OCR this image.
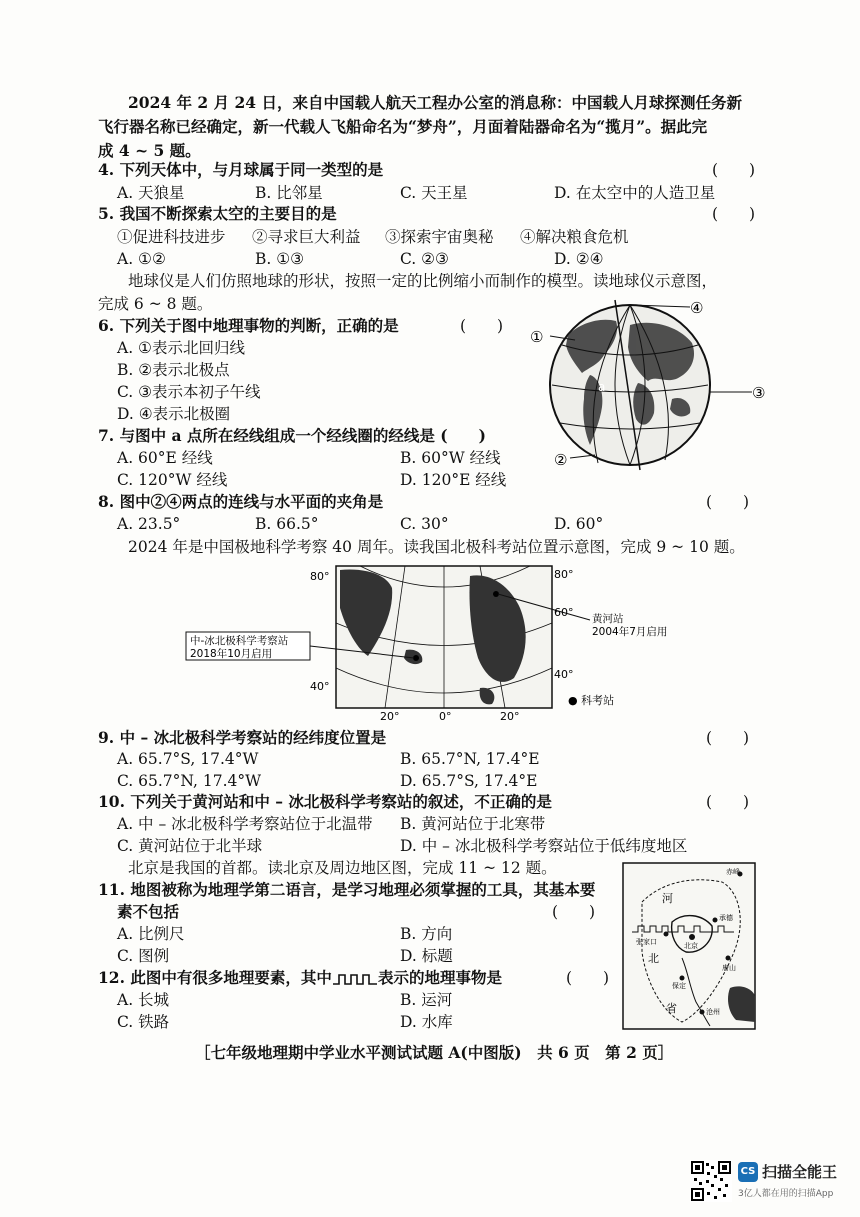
2024 年 2 月 24 日，来自中国载人航天工程办公室的消息称：中国载人月球探测任务新
飞行器名称已经确定，新一代载人飞船命名为“梦舟”，月面着陆器命名为“揽月”。据此完
成 4 ~ 5 题。
4. 下列天体中，与月球属于同一类型的是	(　　)
A. 天狼星	B. 比邻星	C. 天王星	D. 在太空中的人造卫星
5. 我国不断探索太空的主要目的是	(　　)
①促进科技进步 ②寻求巨大利益 ③探索宇宙奥秘 ④解决粮食危机
A. ①②	B. ①③	C. ②③	D. ②④
地球仪是人们仿照地球的形状，按照一定的比例缩小而制作的模型。读地球仪示意图，
完成 6 ~ 8 题。
6. 下列关于图中地理事物的判断，正确的是	(　　)
A. ①表示北回归线
B. ②表示北极点
C. ③表示本初子午线
D. ④表示北极圈
7. 与图中 a 点所在经线组成一个经线圈的经线是 (　　)
A. 60°E 经线	B. 60°W 经线
C. 120°W 经线	D. 120°E 经线
8. 图中②④两点的连线与水平面的夹角是	(　　)
A. 23.5°	B. 66.5°	C. 30°	D. 60°
①
②
③
④
a
2024 年是中国极地科学考察 40 周年。读我国北极科考站位置示意图，完成 9 ~ 10 题。
中-冰北极科学考察站
2018年10月启用
黄河站
2004年7月启用
80°
40°
80°
60°
40°
20°	0°	20°
● 科考站
9. 中 – 冰北极科学考察站的经纬度位置是	(　　)
A. 65.7°S, 17.4°W	B. 65.7°N, 17.4°E
C. 65.7°N, 17.4°W	D. 65.7°S, 17.4°E
10. 下列关于黄河站和中 – 冰北极科学考察站的叙述，不正确的是	(　　)
A. 中 – 冰北极科学考察站位于北温带 B. 黄河站位于北寒带
C. 黄河站位于北半球	D. 中 – 冰北极科学考察站位于低纬度地区
北京是我国的首都。读北京及周边地区图，完成 11 ~ 12 题。
11. 地图被称为地理学第二语言，是学习地理必须掌握的工具，其基本要
素不包括	(　　)
A. 比例尺	B. 方向
C. 图例	D. 标题
12. 此图中有很多地理要素，其中	表示的地理事物是	(　　)
A. 长城	B. 运河
C. 铁路	D. 水库
河
北
省
承德
北京
张家口
唐山
保定
沧州
赤峰
［七年级地理期中学业水平测试试题 A(中图版)　共 6 页　第 2 页］
CS 扫描全能王
3亿人都在用的扫描App
